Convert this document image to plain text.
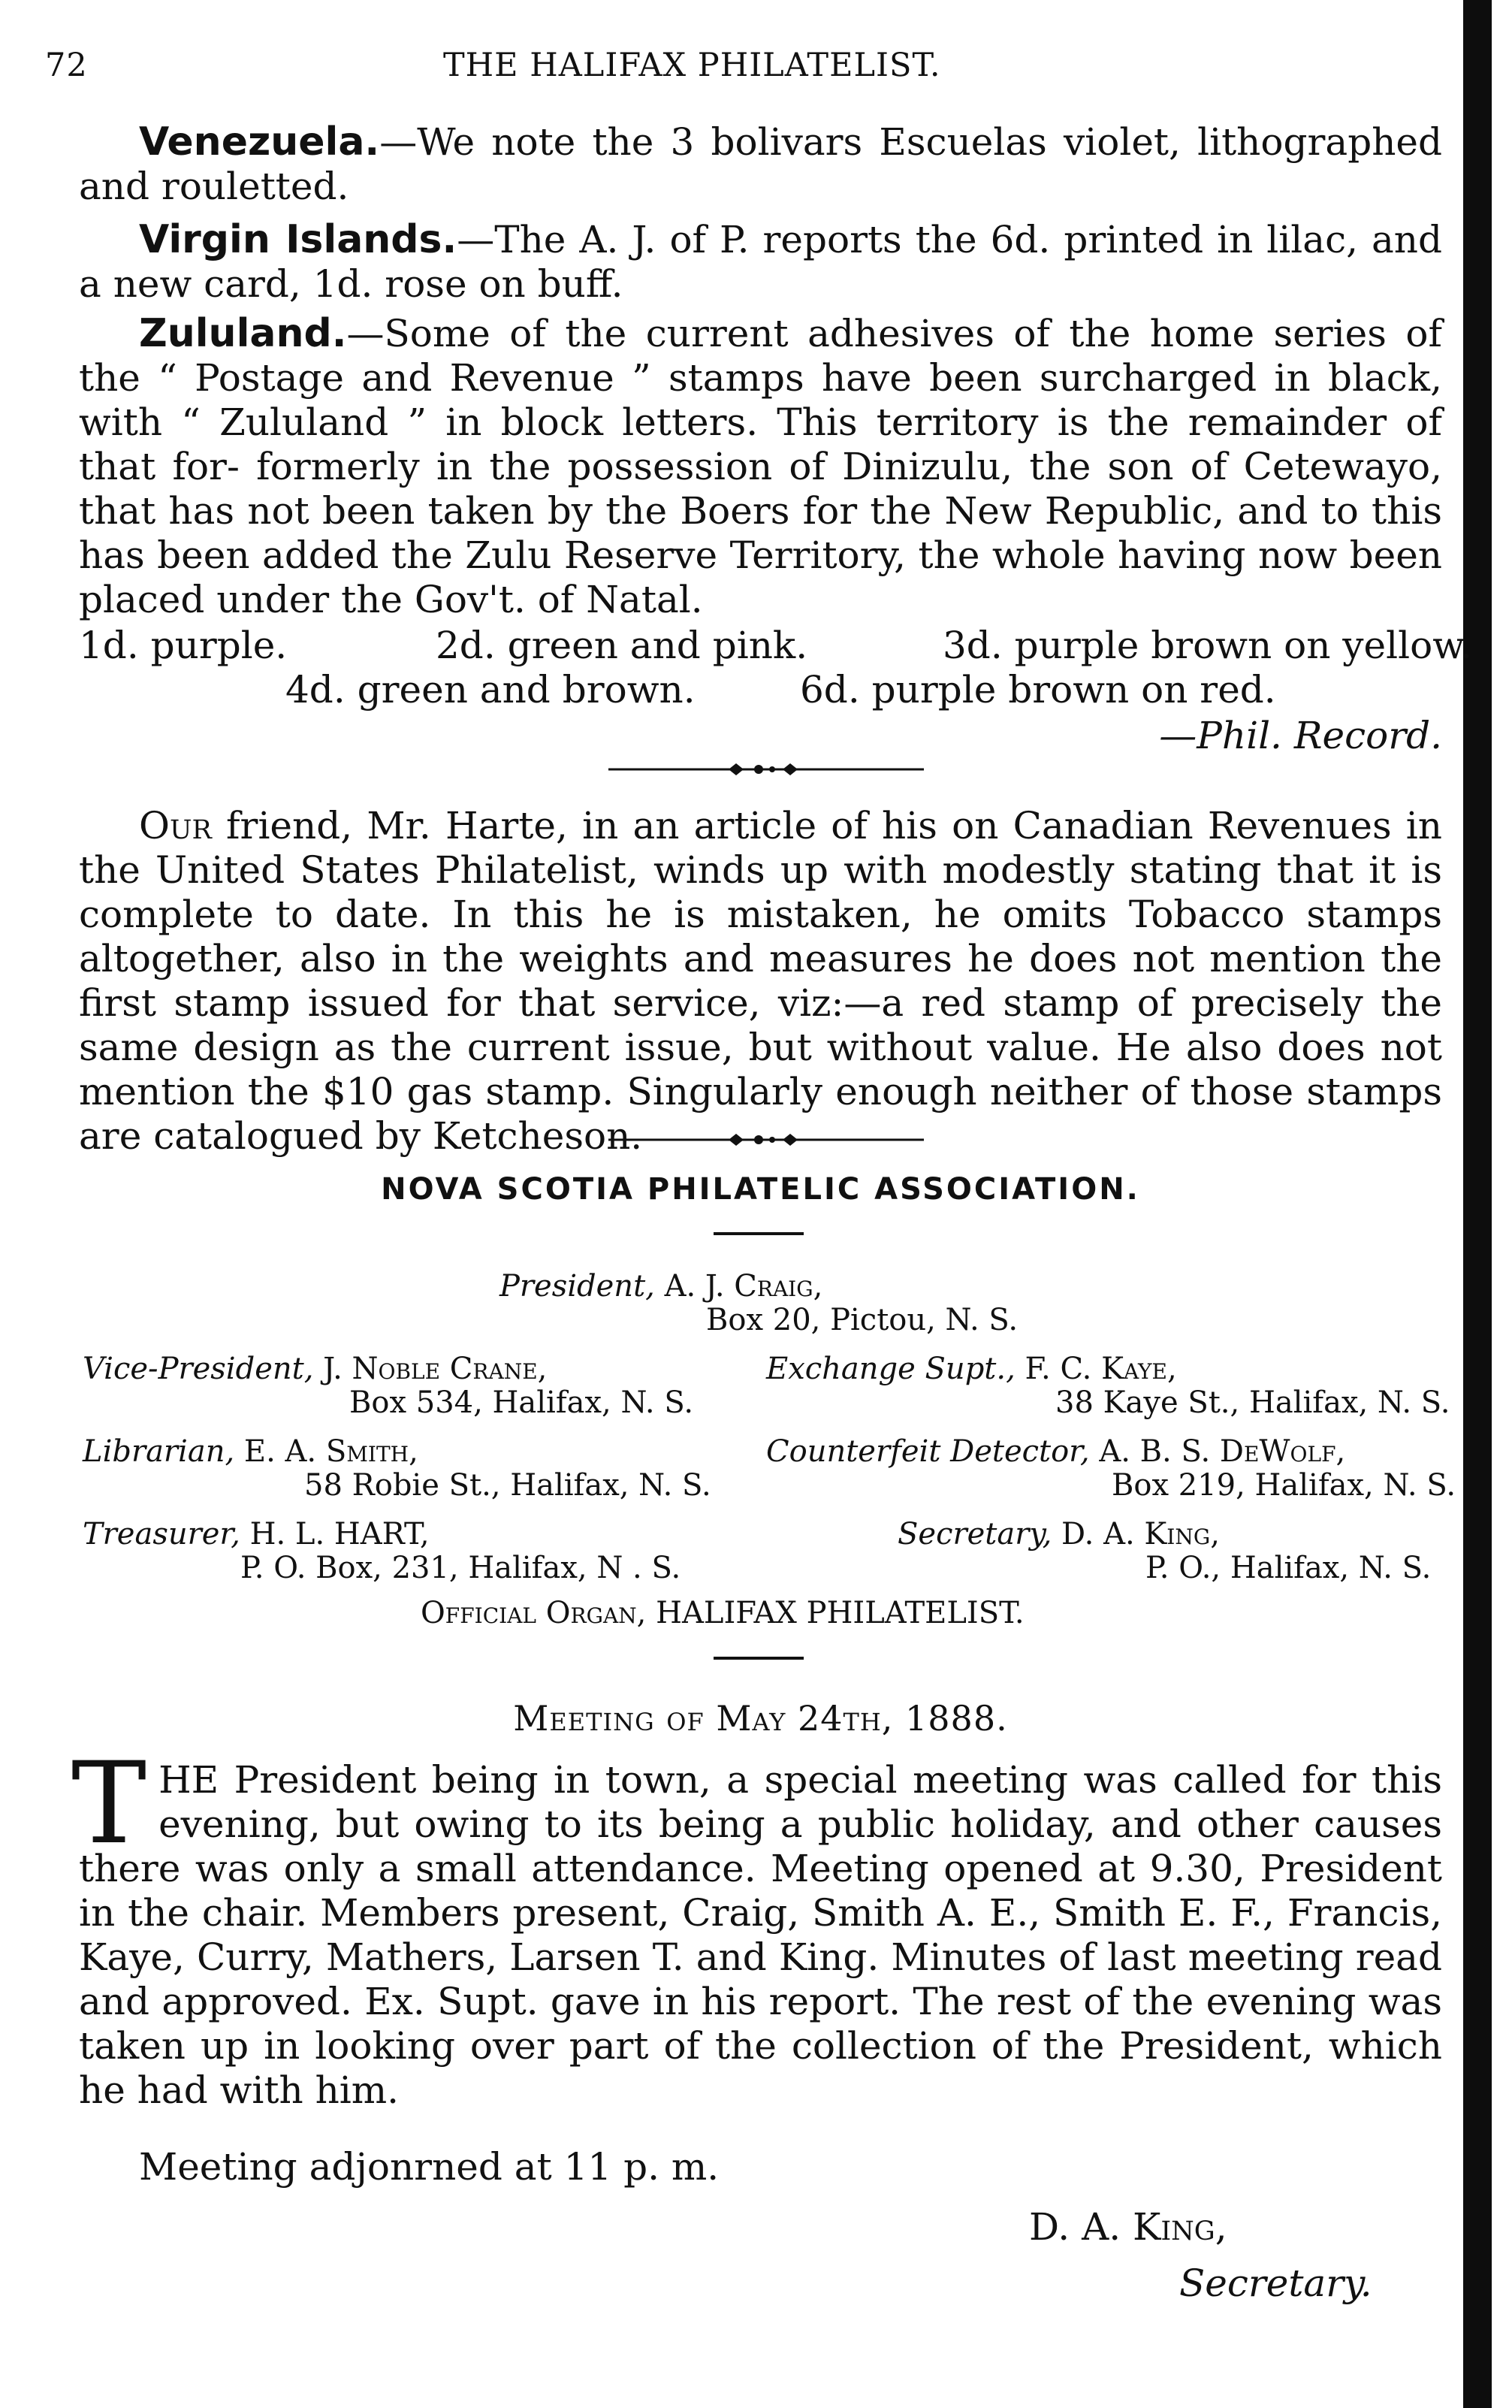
72	THE HALIFAX PHILATELIST.

Venezuela.—We note the 3 bolivars Escuelas violet, lithographed and rouletted.

Virgin Islands.—The A. J. of P. reports the 6d. printed in lilac, and a new card, 1d. rose on buff.

Zululand.—Some of the current adhesives of the home series of the “ Postage and Revenue ” stamps have been surcharged in black, with “ Zululand ” in block letters. This territory is the remainder of that for- formerly in the possession of Dinizulu, the son of Cetewayo, that has not been taken by the Boers for the New Republic, and to this has been added the Zulu Reserve Territory, the whole having now been placed under the Gov't. of Natal.

1d. purple.	2d. green and pink.	3d. purple brown on yellow.
4d. green and brown.	6d. purple brown on red.
—Phil. Record.

Our friend, Mr. Harte, in an article of his on Canadian Revenues in the United States Philatelist, winds up with modestly stating that it is complete to date. In this he is mistaken, he omits Tobacco stamps altogether, also in the weights and measures he does not mention the first stamp issued for that service, viz:—a red stamp of precisely the same design as the current issue, but without value. He also does not mention the $10 gas stamp. Singularly enough neither of those stamps are catalogued by Ketcheson.

NOVA SCOTIA PHILATELIC ASSOCIATION.
President, A. J. Craig,
Box 20, Pictou, N. S.
Vice-President, J. Noble Crane,
Box 534, Halifax, N. S.
Exchange Supt., F. C. Kaye,
38 Kaye St., Halifax, N. S.
Librarian, E. A. Smith,
58 Robie St., Halifax, N. S.
Counterfeit Detector, A. B. S. DeWolf,
Box 219, Halifax, N. S.
Treasurer, H. L. HART,
P. O. Box, 231, Halifax, N . S.
Secretary, D. A. King,
P. O., Halifax, N. S.
Official Organ, HALIFAX PHILATELIST.
Meeting of May 24th, 1888.

THE President being in town, a special meeting was called for this evening, but owing to its being a public holiday, and other causes there was only a small attendance. Meeting opened at 9.30, President in the chair. Members present, Craig, Smith A. E., Smith E. F., Francis, Kaye, Curry, Mathers, Larsen T. and King. Minutes of last meeting read and approved. Ex. Supt. gave in his report. The rest of the evening was taken up in looking over part of the collection of the President, which he had with him.

Meeting adjonrned at 11 p. m.

D. A. King,
Secretary.
